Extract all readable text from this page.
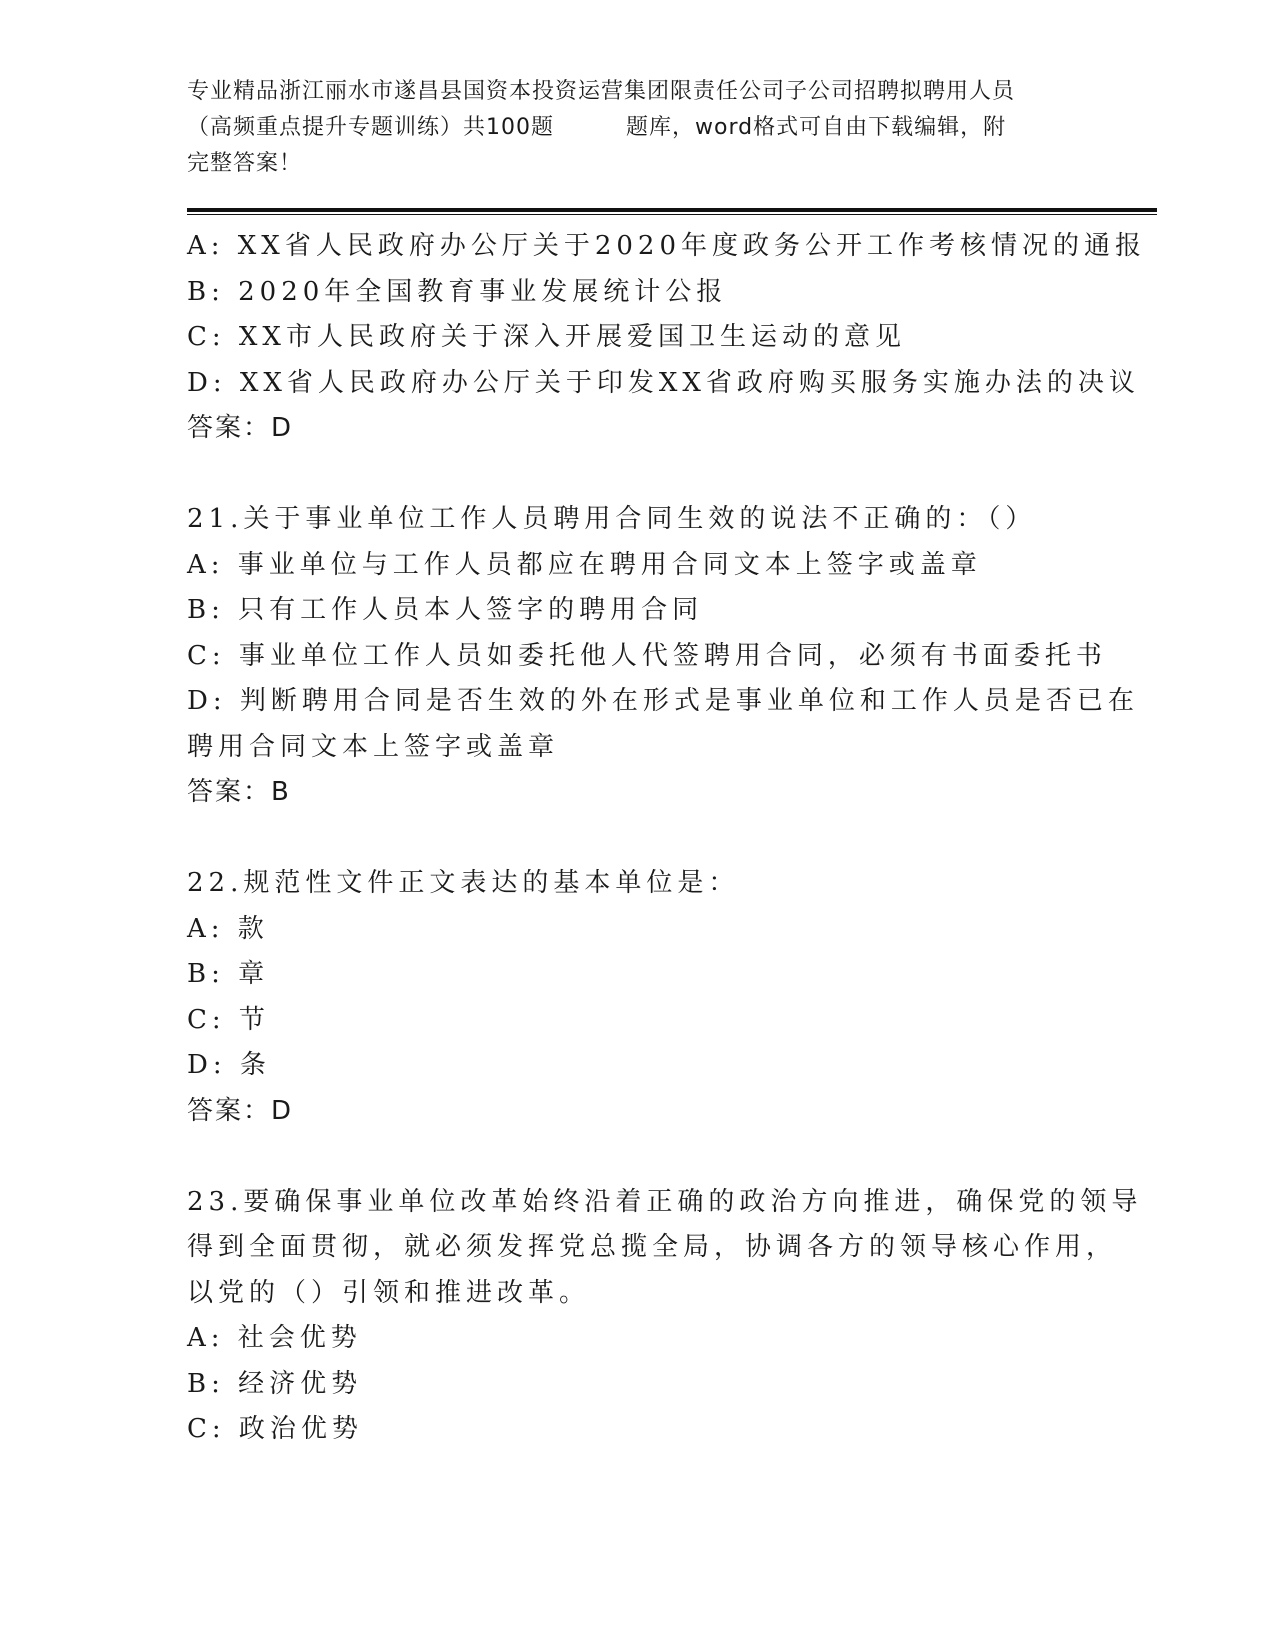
专业精品浙江丽水市遂昌县国资本投资运营集团限责任公司子公司招聘拟聘用人员
（高频重点提升专题训练）共100题	题库，word格式可自由下载编辑，附
完整答案！
A: XX省人民政府办公厅关于2020年度政务公开工作考核情况的通报
B: 2020年全国教育事业发展统计公报
C: XX市人民政府关于深入开展爱国卫生运动的意见
D: XX省人民政府办公厅关于印发XX省政府购买服务实施办法的决议
答案：D
21.关于事业单位工作人员聘用合同生效的说法不正确的：（）
A: 事业单位与工作人员都应在聘用合同文本上签字或盖章
B: 只有工作人员本人签字的聘用合同
C: 事业单位工作人员如委托他人代签聘用合同，必须有书面委托书
D: 判断聘用合同是否生效的外在形式是事业单位和工作人员是否已在
聘用合同文本上签字或盖章
答案：B
22.规范性文件正文表达的基本单位是：
A: 款
B: 章
C: 节
D: 条
答案：D
23.要确保事业单位改革始终沿着正确的政治方向推进，确保党的领导
得到全面贯彻，就必须发挥党总揽全局，协调各方的领导核心作用，
以党的（）引领和推进改革。
A: 社会优势
B: 经济优势
C: 政治优势
